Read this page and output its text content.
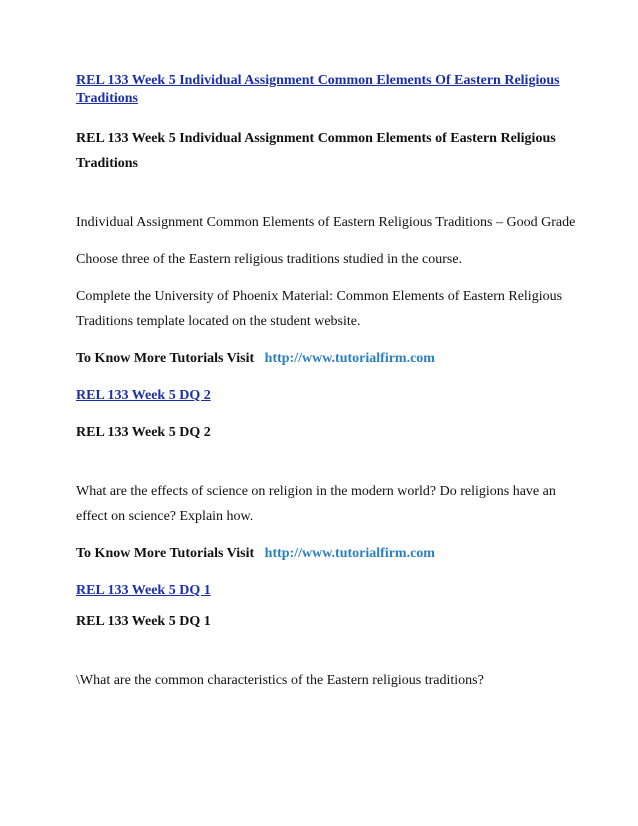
REL 133 Week 5 Individual Assignment Common Elements Of Eastern Religious Traditions

REL 133 Week 5 Individual Assignment Common Elements of Eastern Religious Traditions

Individual Assignment Common Elements of Eastern Religious Traditions – Good Grade

Choose three of the Eastern religious traditions studied in the course.

Complete the University of Phoenix Material: Common Elements of Eastern Religious Traditions template located on the student website.

To Know More Tutorials Visit http://www.tutorialfirm.com

REL 133 Week 5 DQ 2

REL 133 Week 5 DQ 2

What are the effects of science on religion in the modern world? Do religions have an effect on science? Explain how.

To Know More Tutorials Visit http://www.tutorialfirm.com

REL 133 Week 5 DQ 1

REL 133 Week 5 DQ 1

\What are the common characteristics of the Eastern religious traditions?
